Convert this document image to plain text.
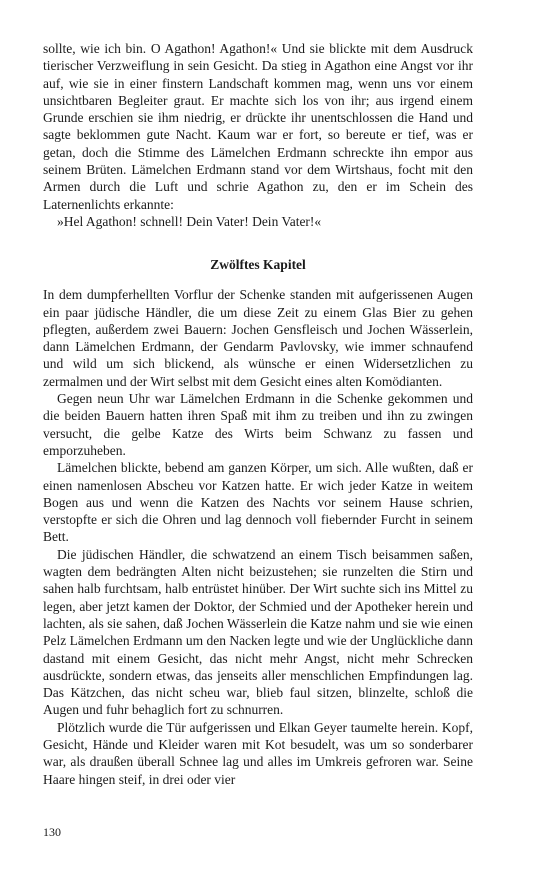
sollte, wie ich bin. O Agathon! Agathon!« Und sie blickte mit dem Ausdruck tierischer Verzweiflung in sein Gesicht. Da stieg in Agathon eine Angst vor ihr auf, wie sie in einer finstern Landschaft kommen mag, wenn uns vor einem unsichtbaren Begleiter graut. Er machte sich los von ihr; aus irgend einem Grunde erschien sie ihm niedrig, er drückte ihr unentschlossen die Hand und sagte beklommen gute Nacht. Kaum war er fort, so bereute er tief, was er getan, doch die Stimme des Lämelchen Erdmann schreckte ihn empor aus seinem Brüten. Lämelchen Erdmann stand vor dem Wirtshaus, focht mit den Armen durch die Luft und schrie Agathon zu, den er im Schein des Laternenlichts erkannte:

»Hel Agathon! schnell! Dein Vater! Dein Vater!«

Zwölftes Kapitel

In dem dumpferhellten Vorflur der Schenke standen mit aufgerissenen Augen ein paar jüdische Händler, die um diese Zeit zu einem Glas Bier zu gehen pflegten, außerdem zwei Bauern: Jochen Gensfleisch und Jochen Wässerlein, dann Lämelchen Erdmann, der Gendarm Pavlovsky, wie immer schnaufend und wild um sich blickend, als wünsche er einen Widersetzlichen zu zermalmen und der Wirt selbst mit dem Gesicht eines alten Komödianten.

Gegen neun Uhr war Lämelchen Erdmann in die Schenke gekommen und die beiden Bauern hatten ihren Spaß mit ihm zu treiben und ihn zu zwingen versucht, die gelbe Katze des Wirts beim Schwanz zu fassen und emporzuheben.

Lämelchen blickte, bebend am ganzen Körper, um sich. Alle wußten, daß er einen namenlosen Abscheu vor Katzen hatte. Er wich jeder Katze in weitem Bogen aus und wenn die Katzen des Nachts vor seinem Hause schrien, verstopfte er sich die Ohren und lag dennoch voll fiebernder Furcht in seinem Bett.

Die jüdischen Händler, die schwatzend an einem Tisch beisammen saßen, wagten dem bedrängten Alten nicht beizustehen; sie runzelten die Stirn und sahen halb furchtsam, halb entrüstet hinüber. Der Wirt suchte sich ins Mittel zu legen, aber jetzt kamen der Doktor, der Schmied und der Apotheker herein und lachten, als sie sahen, daß Jochen Wässerlein die Katze nahm und sie wie einen Pelz Lämelchen Erdmann um den Nacken legte und wie der Unglückliche dann dastand mit einem Gesicht, das nicht mehr Angst, nicht mehr Schrecken ausdrückte, sondern etwas, das jenseits aller menschlichen Empfindungen lag. Das Kätzchen, das nicht scheu war, blieb faul sitzen, blinzelte, schloß die Augen und fuhr behaglich fort zu schnurren.

Plötzlich wurde die Tür aufgerissen und Elkan Geyer taumelte herein. Kopf, Gesicht, Hände und Kleider waren mit Kot besudelt, was um so sonderbarer war, als draußen überall Schnee lag und alles im Umkreis gefroren war. Seine Haare hingen steif, in drei oder vier

130
